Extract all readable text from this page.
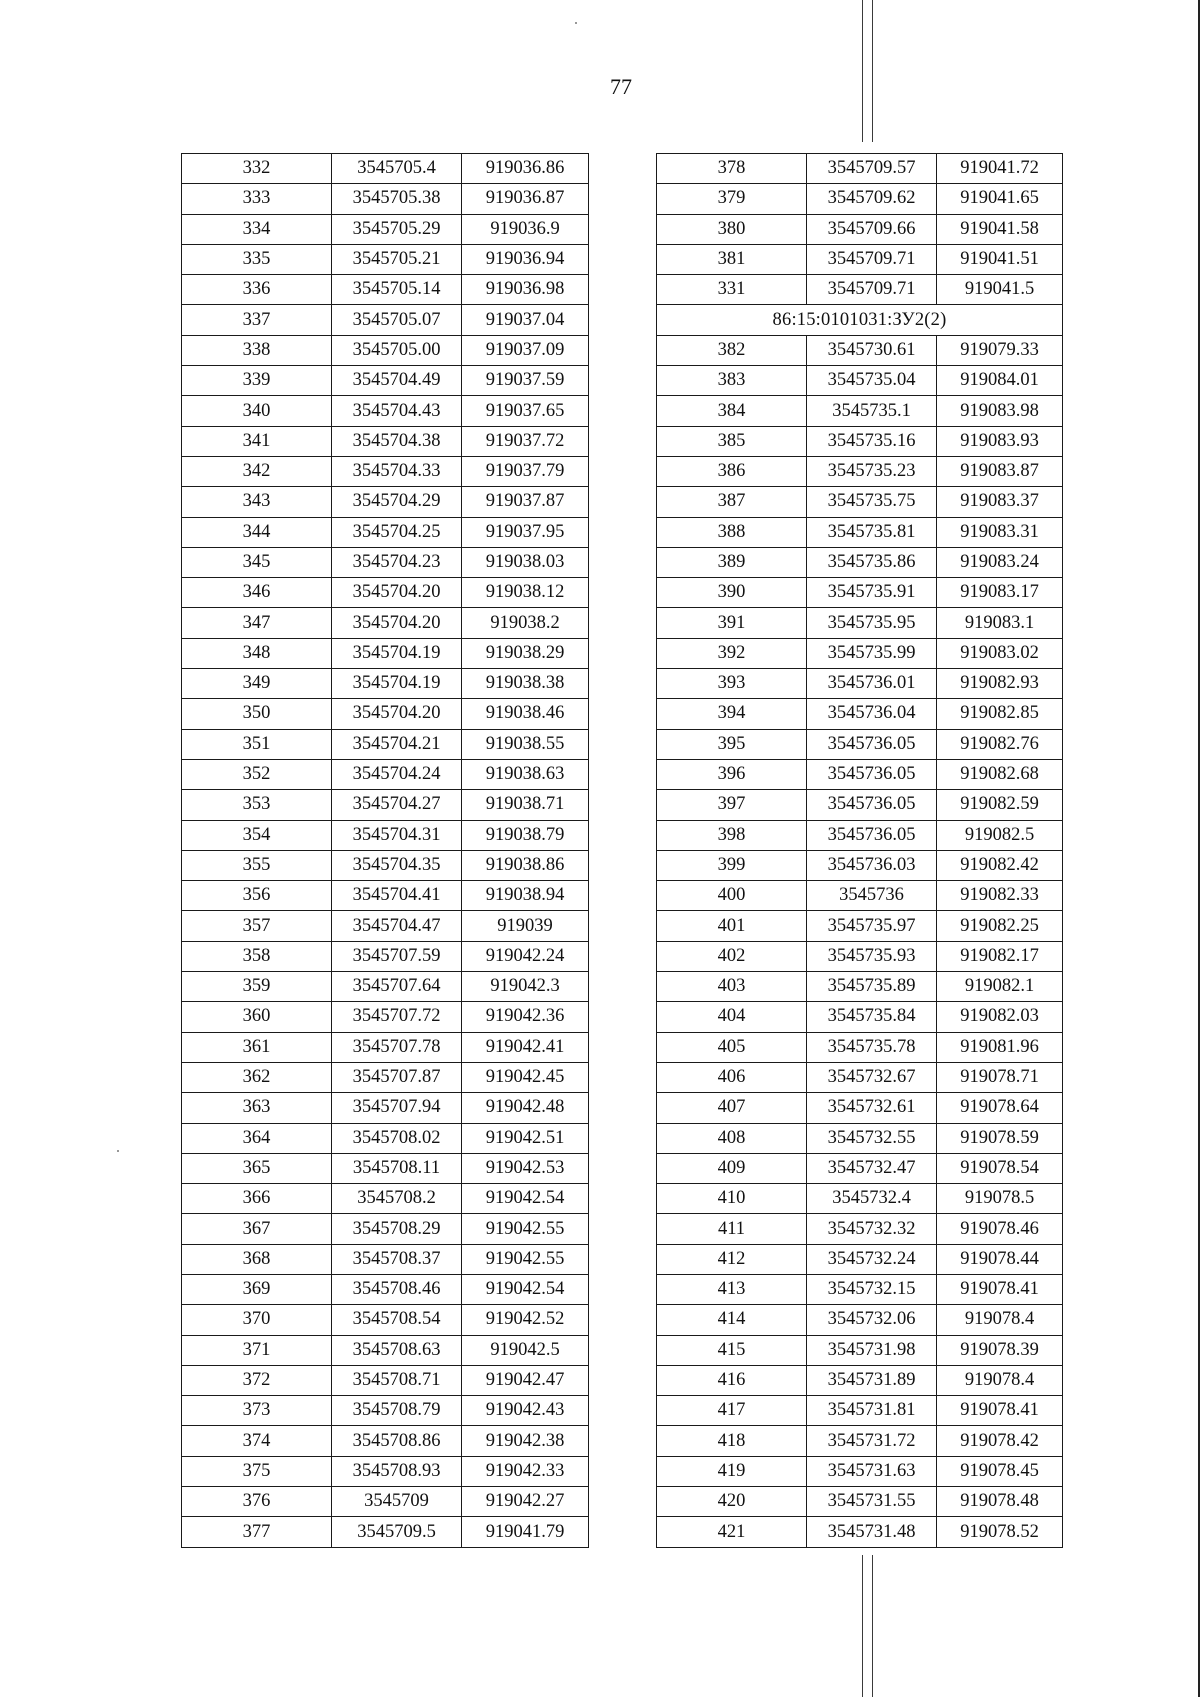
77
332	3545705.4	919036.86
333	3545705.38	919036.87
334	3545705.29	919036.9
335	3545705.21	919036.94
336	3545705.14	919036.98
337	3545705.07	919037.04
338	3545705.00	919037.09
339	3545704.49	919037.59
340	3545704.43	919037.65
341	3545704.38	919037.72
342	3545704.33	919037.79
343	3545704.29	919037.87
344	3545704.25	919037.95
345	3545704.23	919038.03
346	3545704.20	919038.12
347	3545704.20	919038.2
348	3545704.19	919038.29
349	3545704.19	919038.38
350	3545704.20	919038.46
351	3545704.21	919038.55
352	3545704.24	919038.63
353	3545704.27	919038.71
354	3545704.31	919038.79
355	3545704.35	919038.86
356	3545704.41	919038.94
357	3545704.47	919039
358	3545707.59	919042.24
359	3545707.64	919042.3
360	3545707.72	919042.36
361	3545707.78	919042.41
362	3545707.87	919042.45
363	3545707.94	919042.48
364	3545708.02	919042.51
365	3545708.11	919042.53
366	3545708.2	919042.54
367	3545708.29	919042.55
368	3545708.37	919042.55
369	3545708.46	919042.54
370	3545708.54	919042.52
371	3545708.63	919042.5
372	3545708.71	919042.47
373	3545708.79	919042.43
374	3545708.86	919042.38
375	3545708.93	919042.33
376	3545709	919042.27
377	3545709.5	919041.79
378	3545709.57	919041.72
379	3545709.62	919041.65
380	3545709.66	919041.58
381	3545709.71	919041.51
331	3545709.71	919041.5
86:15:0101031:ЗУ2(2)		
382	3545730.61	919079.33
383	3545735.04	919084.01
384	3545735.1	919083.98
385	3545735.16	919083.93
386	3545735.23	919083.87
387	3545735.75	919083.37
388	3545735.81	919083.31
389	3545735.86	919083.24
390	3545735.91	919083.17
391	3545735.95	919083.1
392	3545735.99	919083.02
393	3545736.01	919082.93
394	3545736.04	919082.85
395	3545736.05	919082.76
396	3545736.05	919082.68
397	3545736.05	919082.59
398	3545736.05	919082.5
399	3545736.03	919082.42
400	3545736	919082.33
401	3545735.97	919082.25
402	3545735.93	919082.17
403	3545735.89	919082.1
404	3545735.84	919082.03
405	3545735.78	919081.96
406	3545732.67	919078.71
407	3545732.61	919078.64
408	3545732.55	919078.59
409	3545732.47	919078.54
410	3545732.4	919078.5
411	3545732.32	919078.46
412	3545732.24	919078.44
413	3545732.15	919078.41
414	3545732.06	919078.4
415	3545731.98	919078.39
416	3545731.89	919078.4
417	3545731.81	919078.41
418	3545731.72	919078.42
419	3545731.63	919078.45
420	3545731.55	919078.48
421	3545731.48	919078.52
